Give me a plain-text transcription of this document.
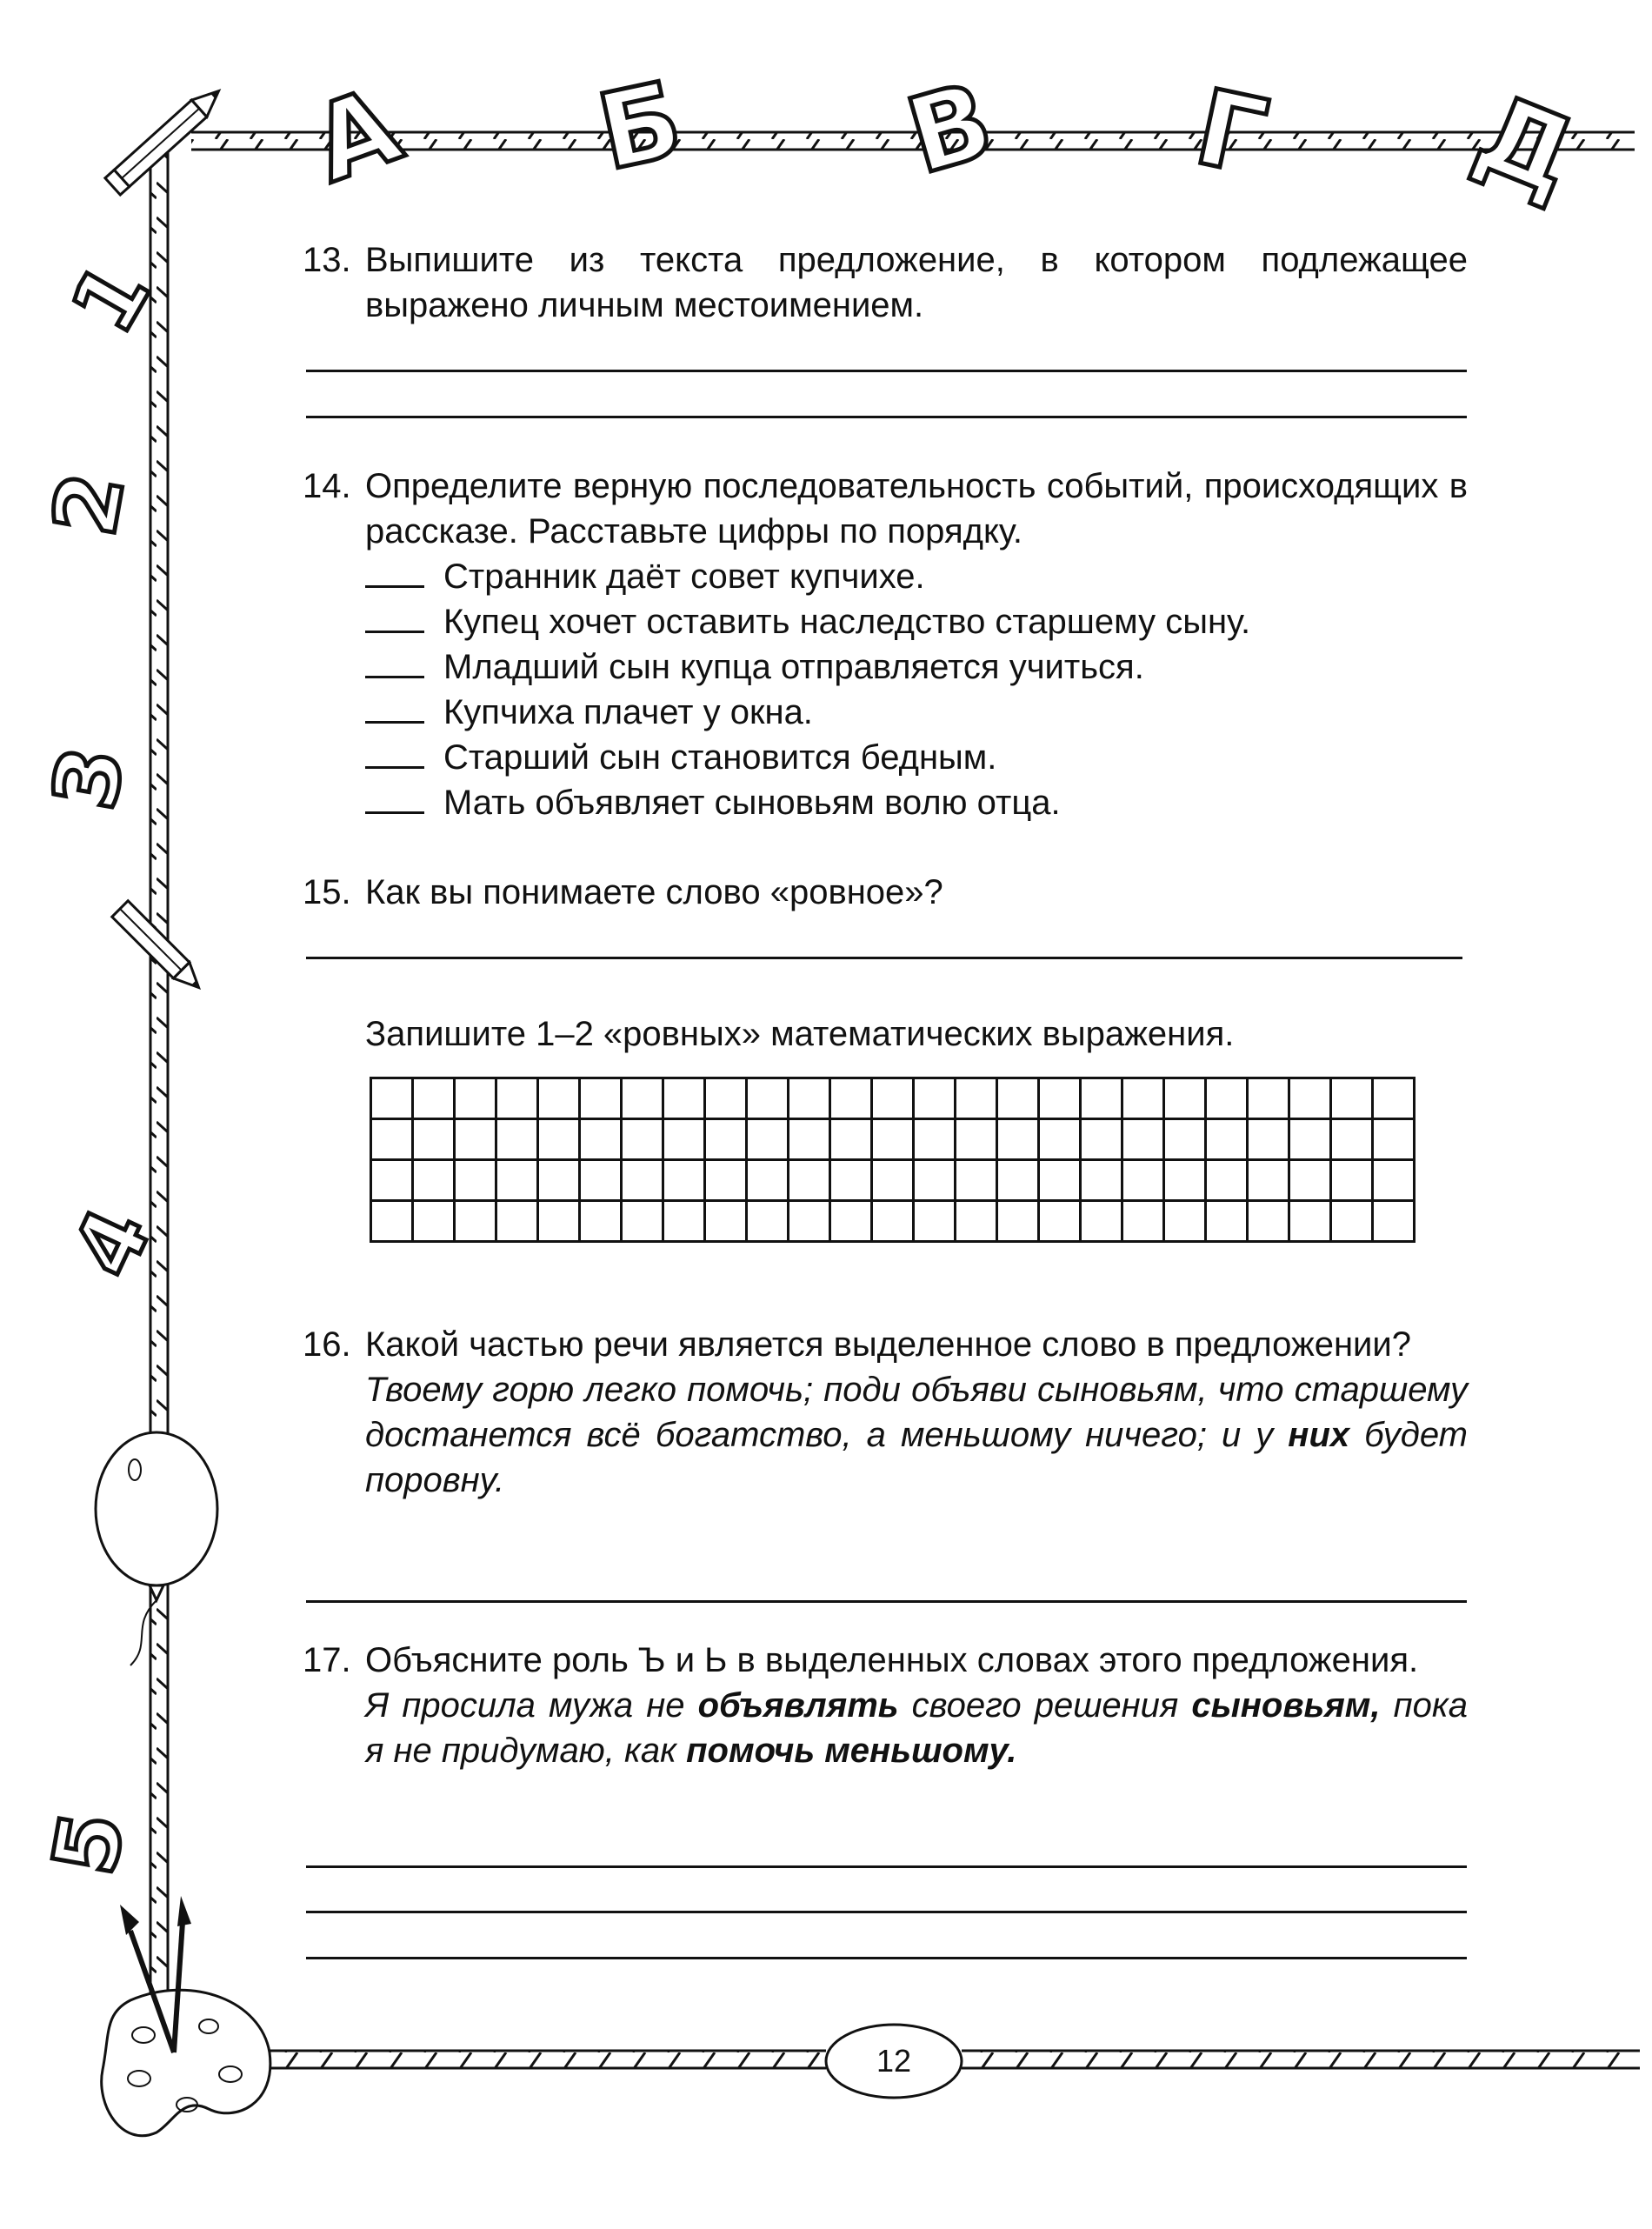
А Б В Г Д
1
2
3
4
5
13. Выпишите из текста предложение, в котором подлежащее выражено личным местоимением.
14. Определите верную последовательность событий, происходящих в рассказе. Расставьте цифры по порядку.
Странник даёт совет купчихе.
Купец хочет оставить наследство старшему сыну.
Младший сын купца отправляется учиться.
Купчиха плачет у окна.
Старший сын становится бедным.
Мать объявляет сыновьям волю отца.
15. Как вы понимаете слово «ровное»?
Запишите 1–2 «ровных» математических выражения.

16. Какой частью речи является выделенное слово в предложении?
Твоему горю легко помочь; поди объяви сыновьям, что старшему достанется всё богатство, а меньшому ничего; и у них будет поровну.
17. Объясните роль Ъ и Ь в выделенных словах этого предложения.
Я просила мужа не объявлять своего решения сыновьям, пока я не придумаю, как помочь меньшому.
12
